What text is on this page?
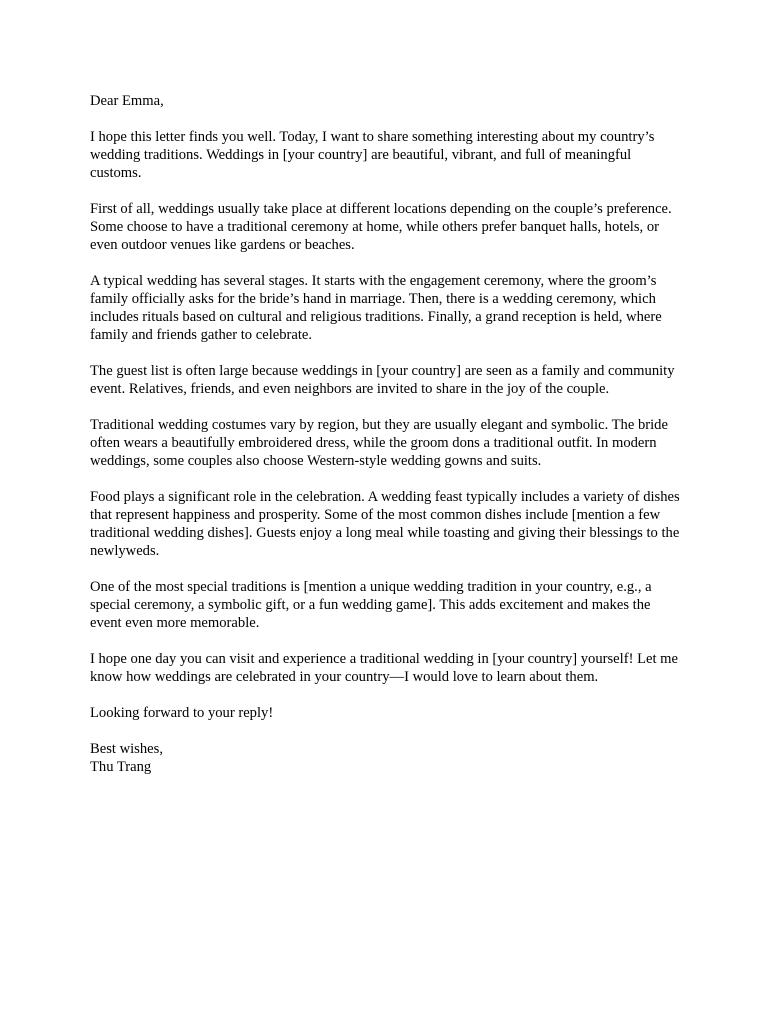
Dear Emma,

I hope this letter finds you well. Today, I want to share something interesting about my country’s wedding traditions. Weddings in [your country] are beautiful, vibrant, and full of meaningful customs.

First of all, weddings usually take place at different locations depending on the couple’s preference. Some choose to have a traditional ceremony at home, while others prefer banquet halls, hotels, or even outdoor venues like gardens or beaches.

A typical wedding has several stages. It starts with the engagement ceremony, where the groom’s family officially asks for the bride’s hand in marriage. Then, there is a wedding ceremony, which includes rituals based on cultural and religious traditions. Finally, a grand reception is held, where family and friends gather to celebrate.

The guest list is often large because weddings in [your country] are seen as a family and community event. Relatives, friends, and even neighbors are invited to share in the joy of the couple.

Traditional wedding costumes vary by region, but they are usually elegant and symbolic. The bride often wears a beautifully embroidered dress, while the groom dons a traditional outfit. In modern weddings, some couples also choose Western-style wedding gowns and suits.

Food plays a significant role in the celebration. A wedding feast typically includes a variety of dishes that represent happiness and prosperity. Some of the most common dishes include [mention a few traditional wedding dishes]. Guests enjoy a long meal while toasting and giving their blessings to the newlyweds.

One of the most special traditions is [mention a unique wedding tradition in your country, e.g., a special ceremony, a symbolic gift, or a fun wedding game]. This adds excitement and makes the event even more memorable.

I hope one day you can visit and experience a traditional wedding in [your country] yourself! Let me know how weddings are celebrated in your country—I would love to learn about them.

Looking forward to your reply!

Best wishes,
Thu Trang
